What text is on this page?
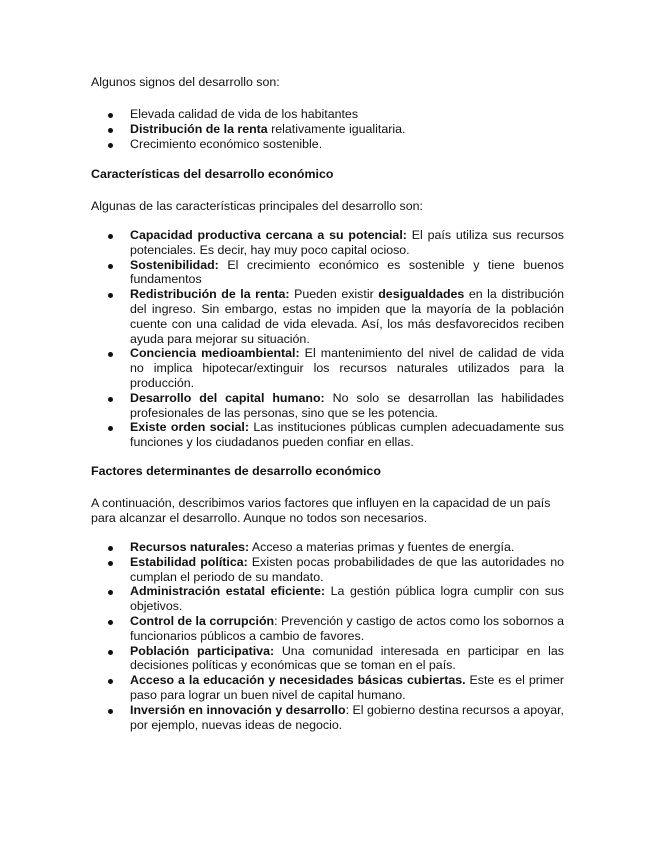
Algunos signos del desarrollo son:

Elevada calidad de vida de los habitantes
Distribución de la renta relativamente igualitaria.
Crecimiento económico sostenible.

Características del desarrollo económico

Algunas de las características principales del desarrollo son:

Capacidad productiva cercana a su potencial: El país utiliza sus recursos potenciales. Es decir, hay muy poco capital ocioso.
Sostenibilidad: El crecimiento económico es sostenible y tiene buenos fundamentos
Redistribución de la renta: Pueden existir desigualdades en la distribución del ingreso. Sin embargo, estas no impiden que la mayoría de la población cuente con una calidad de vida elevada. Así, los más desfavorecidos reciben ayuda para mejorar su situación.
Conciencia medioambiental: El mantenimiento del nivel de calidad de vida no implica hipotecar/extinguir los recursos naturales utilizados para la producción.
Desarrollo del capital humano: No solo se desarrollan las habilidades profesionales de las personas, sino que se les potencia.
Existe orden social: Las instituciones públicas cumplen adecuadamente sus funciones y los ciudadanos pueden confiar en ellas.

Factores determinantes de desarrollo económico

A continuación, describimos varios factores que influyen en la capacidad de un país para alcanzar el desarrollo. Aunque no todos son necesarios.

Recursos naturales: Acceso a materias primas y fuentes de energía.
Estabilidad política: Existen pocas probabilidades de que las autoridades no cumplan el periodo de su mandato.
Administración estatal eficiente: La gestión pública logra cumplir con sus objetivos.
Control de la corrupción: Prevención y castigo de actos como los sobornos a funcionarios públicos a cambio de favores.
Población participativa: Una comunidad interesada en participar en las decisiones políticas y económicas que se toman en el país.
Acceso a la educación y necesidades básicas cubiertas. Este es el primer paso para lograr un buen nivel de capital humano.
Inversión en innovación y desarrollo: El gobierno destina recursos a apoyar, por ejemplo, nuevas ideas de negocio.
